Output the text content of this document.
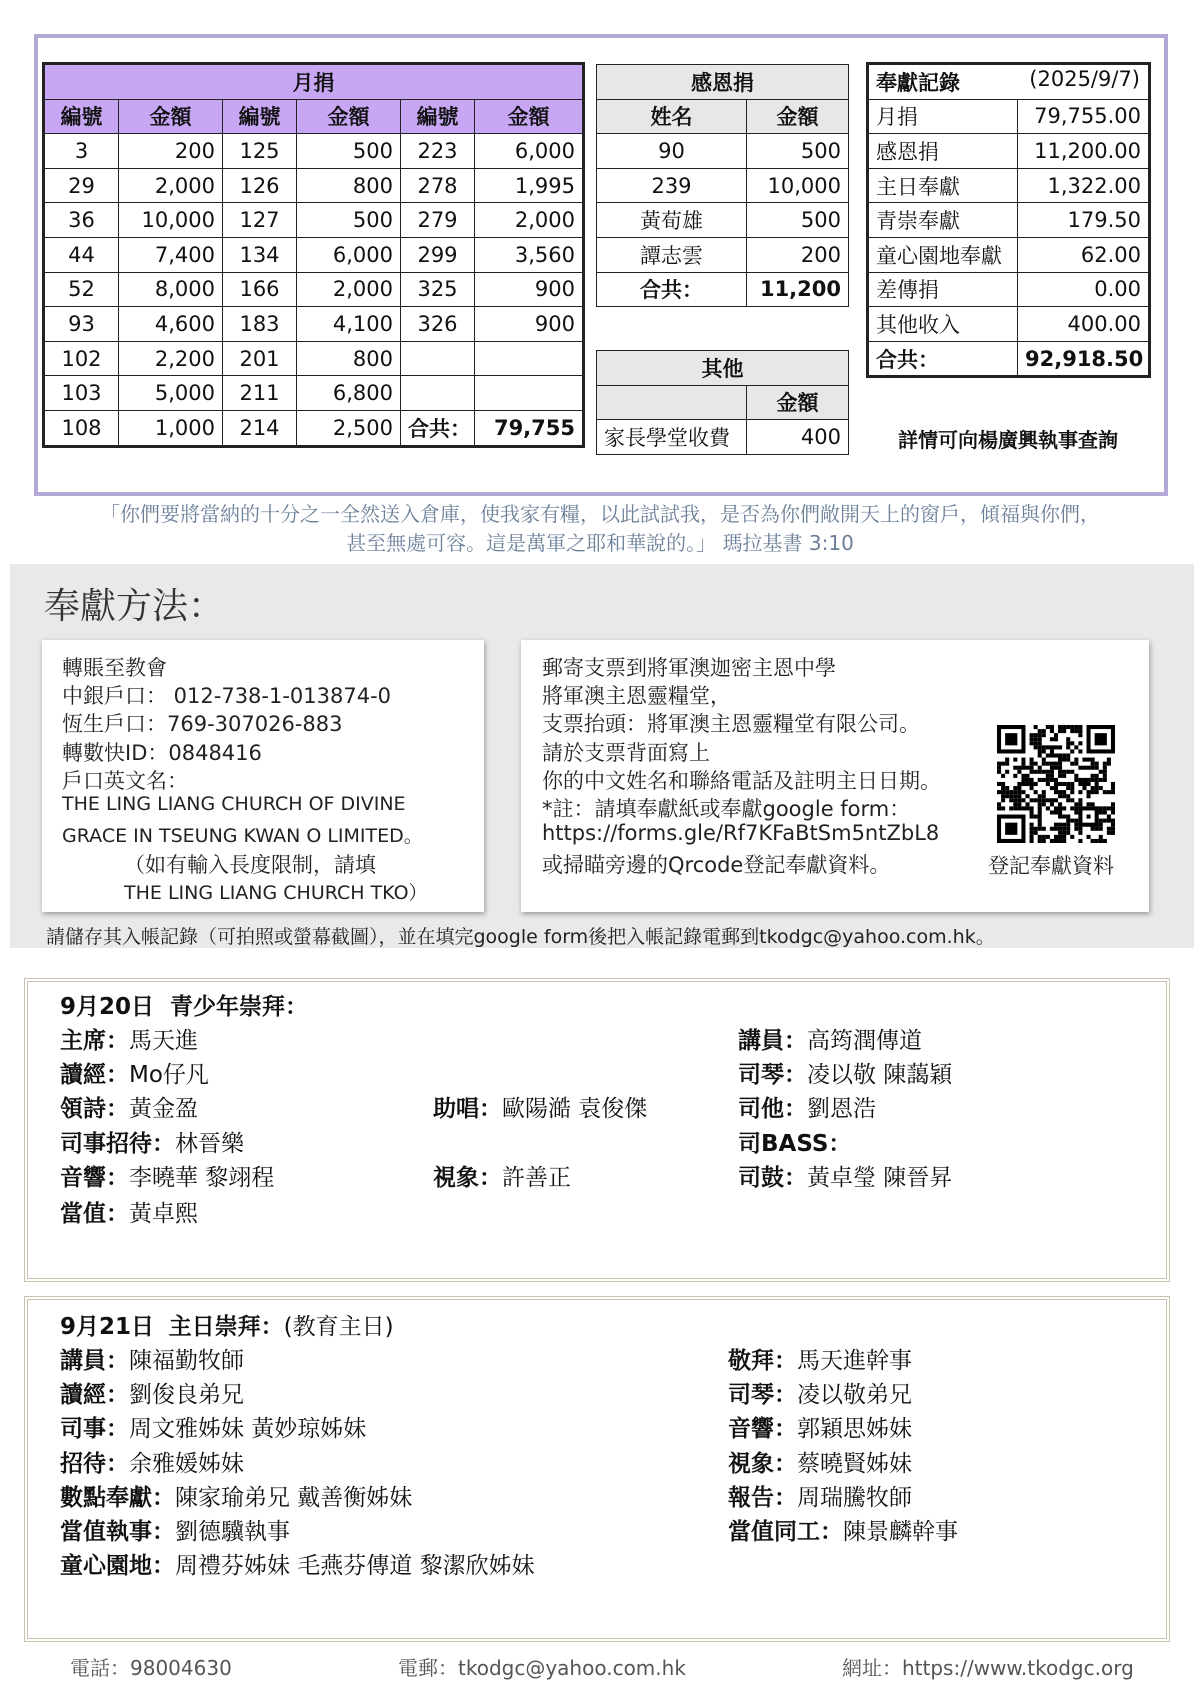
月捐					
編號	金額	編號	金額	編號	金額
3	200	125	500	223	6,000
29	2,000	126	800	278	1,995
36	10,000	127	500	279	2,000
44	7,400	134	6,000	299	3,560
52	8,000	166	2,000	325	900
93	4,600	183	4,100	326	900
102	2,200	201	800		
103	5,000	211	6,800		
108	1,000	214	2,500	合共：	79,755
感恩捐	
姓名	金額
90	500
239	10,000
黃荀雄	500
譚志雲	200
合共：	11,200
其他	
	金額
家長學堂收費	400
奉獻記錄 (2025/9/7)	

月捐	79,755.00
感恩捐	11,200.00
主日奉獻	1,322.00
青崇奉獻	179.50
童心園地奉獻	62.00
差傳捐	0.00
其他收入	400.00
合共：	92,918.50
詳情可向楊廣興執事查詢
「你們要將當納的十分之一全然送入倉庫，使我家有糧，以此試試我，是否為你們敞開天上的窗戶，傾福與你們，
甚至無處可容。這是萬軍之耶和華說的。」 瑪拉基書 3:10
奉獻方法：
轉賬至教會
中銀戶口： 012-738-1-013874-0
恆生戶口：769-307026-883
轉數快ID：0848416
戶口英文名：
THE LING LIANG CHURCH OF DIVINE
GRACE IN TSEUNG KWAN O LIMITED。
（如有輸入長度限制，請填
THE LING LIANG CHURCH TKO）
郵寄支票到將軍澳迦密主恩中學
將軍澳主恩靈糧堂，
支票抬頭：將軍澳主恩靈糧堂有限公司。
請於支票背面寫上
你的中文姓名和聯絡電話及註明主日日期。
*註：請填奉獻紙或奉獻google form：
https://forms.gle/Rf7KFaBtSm5ntZbL8
或掃瞄旁邊的Qrcode登記奉獻資料。	登記奉獻資料
請儲存其入帳記錄（可拍照或螢幕截圖），並在填完google form後把入帳記錄電郵到tkodgc@yahoo.com.hk。
9月20日 青少年崇拜：
主席：馬天進
讀經：Mo仔凡
領詩：黃金盈
司事招待：林晉樂
音響：李曉華 黎翊程
當值：黃卓熙
助唱：歐陽澔 袁俊傑
視象：許善正
講員：高筠潤傳道
司琴：凌以敬 陳藹穎
司他：劉恩浩
司BASS：
司鼓：黃卓瑩 陳晉昇
9月21日 主日崇拜：(教育主日)
講員：陳福勤牧師
讀經：劉俊良弟兄
司事：周文雅姊妹 黃妙琼姊妹
招待：余雅媛姊妹
數點奉獻：陳家瑜弟兄 戴善衡姊妹
當值執事：劉德驥執事
童心園地：周禮芬姊妹 毛燕芬傳道 黎潔欣姊妹
敬拜：馬天進幹事
司琴：凌以敬弟兄
音響：郭穎思姊妹
視象：蔡曉賢姊妹
報告：周瑞騰牧師
當值同工：陳景麟幹事
電話：98004630	電郵：tkodgc@yahoo.com.hk	網址：https://www.tkodgc.org
